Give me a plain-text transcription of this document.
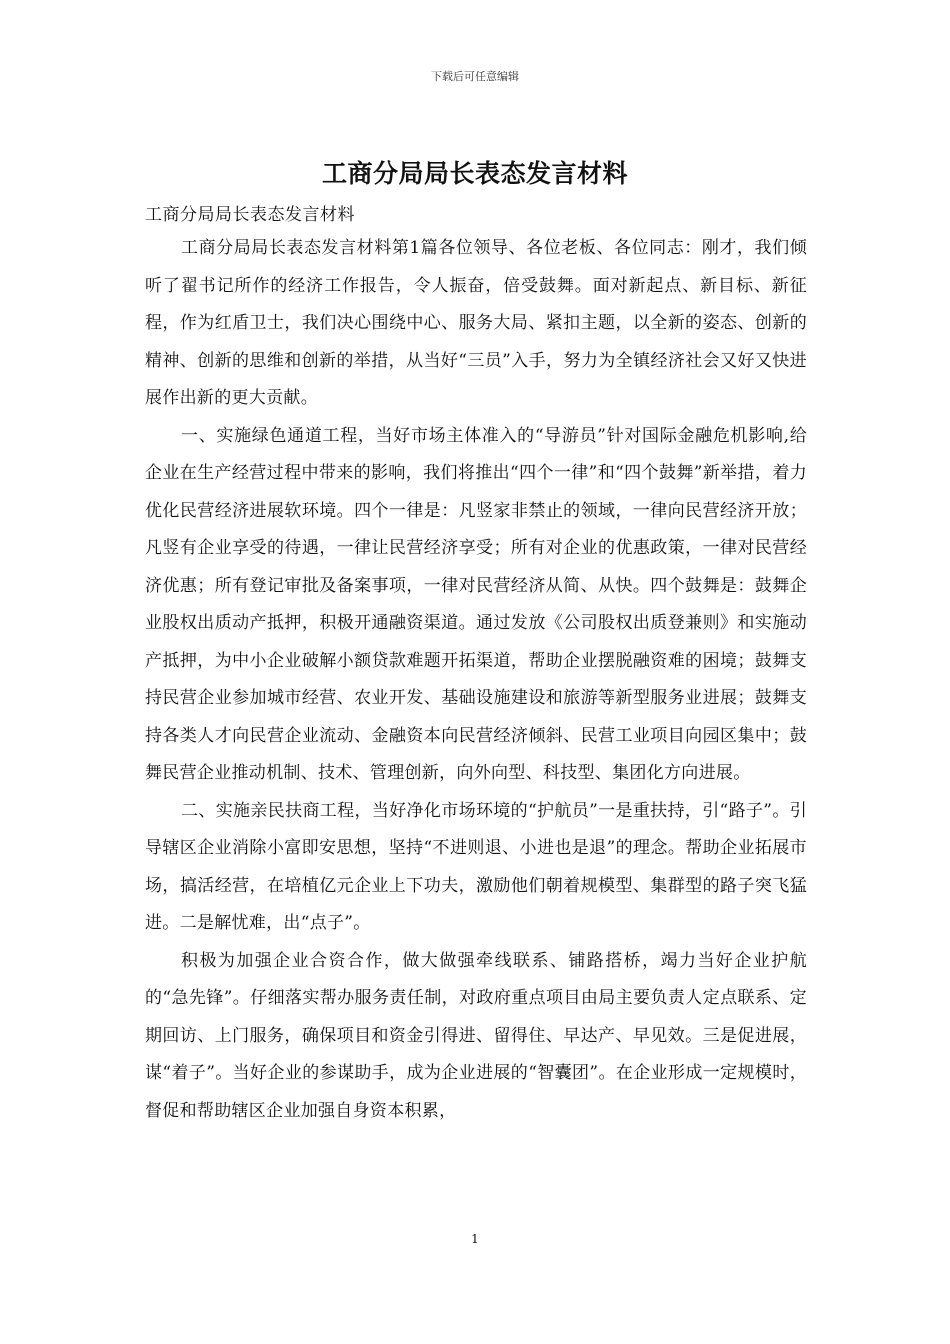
下载后可任意编辑
工商分局局长表态发言材料
工商分局局长表态发言材料

工商分局局长表态发言材料第1篇各位领导、各位老板、各位同志：刚才，我们倾听了翟书记所作的经济工作报告，令人振奋，倍受鼓舞。面对新起点、新目标、新征程，作为红盾卫士，我们决心围绕中心、服务大局、紧扣主题，以全新的姿态、创新的精神、创新的思维和创新的举措，从当好“三员”入手，努力为全镇经济社会又好又快进展作出新的更大贡献。

一、实施绿色通道工程，当好市场主体准入的“导游员”针对国际金融危机影响,给企业在生产经营过程中带来的影响，我们将推出“四个一律”和“四个鼓舞”新举措，着力优化民营经济进展软环境。四个一律是：凡竖家非禁止的领域，一律向民营经济开放；凡竖有企业享受的待遇，一律让民营经济享受；所有对企业的优惠政策，一律对民营经济优惠；所有登记审批及备案事项，一律对民营经济从简、从快。四个鼓舞是：鼓舞企业股权出质动产抵押，积极开通融资渠道。通过发放《公司股权出质登兼则》和实施动产抵押，为中小企业破解小额贷款难题开拓渠道，帮助企业摆脱融资难的困境；鼓舞支持民营企业参加城市经营、农业开发、基础设施建设和旅游等新型服务业进展；鼓舞支持各类人才向民营企业流动、金融资本向民营经济倾斜、民营工业项目向园区集中；鼓舞民营企业推动机制、技术、管理创新，向外向型、科技型、集团化方向进展。

二、实施亲民扶商工程，当好净化市场环境的“护航员”一是重扶持，引“路子”。引导辖区企业消除小富即安思想，坚持“不进则退、小进也是退”的理念。帮助企业拓展市场，搞活经营，在培植亿元企业上下功夫，激励他们朝着规模型、集群型的路子突飞猛进。二是解忧难，出“点子”。

积极为加强企业合资合作，做大做强牵线联系、铺路搭桥，竭力当好企业护航的“急先锋”。仔细落实帮办服务责任制，对政府重点项目由局主要负责人定点联系、定期回访、上门服务，确保项目和资金引得进、留得住、早达产、早见效。三是促进展，谋“着子”。当好企业的参谋助手，成为企业进展的“智囊团”。在企业形成一定规模时，督促和帮助辖区企业加强自身资本积累，

1
